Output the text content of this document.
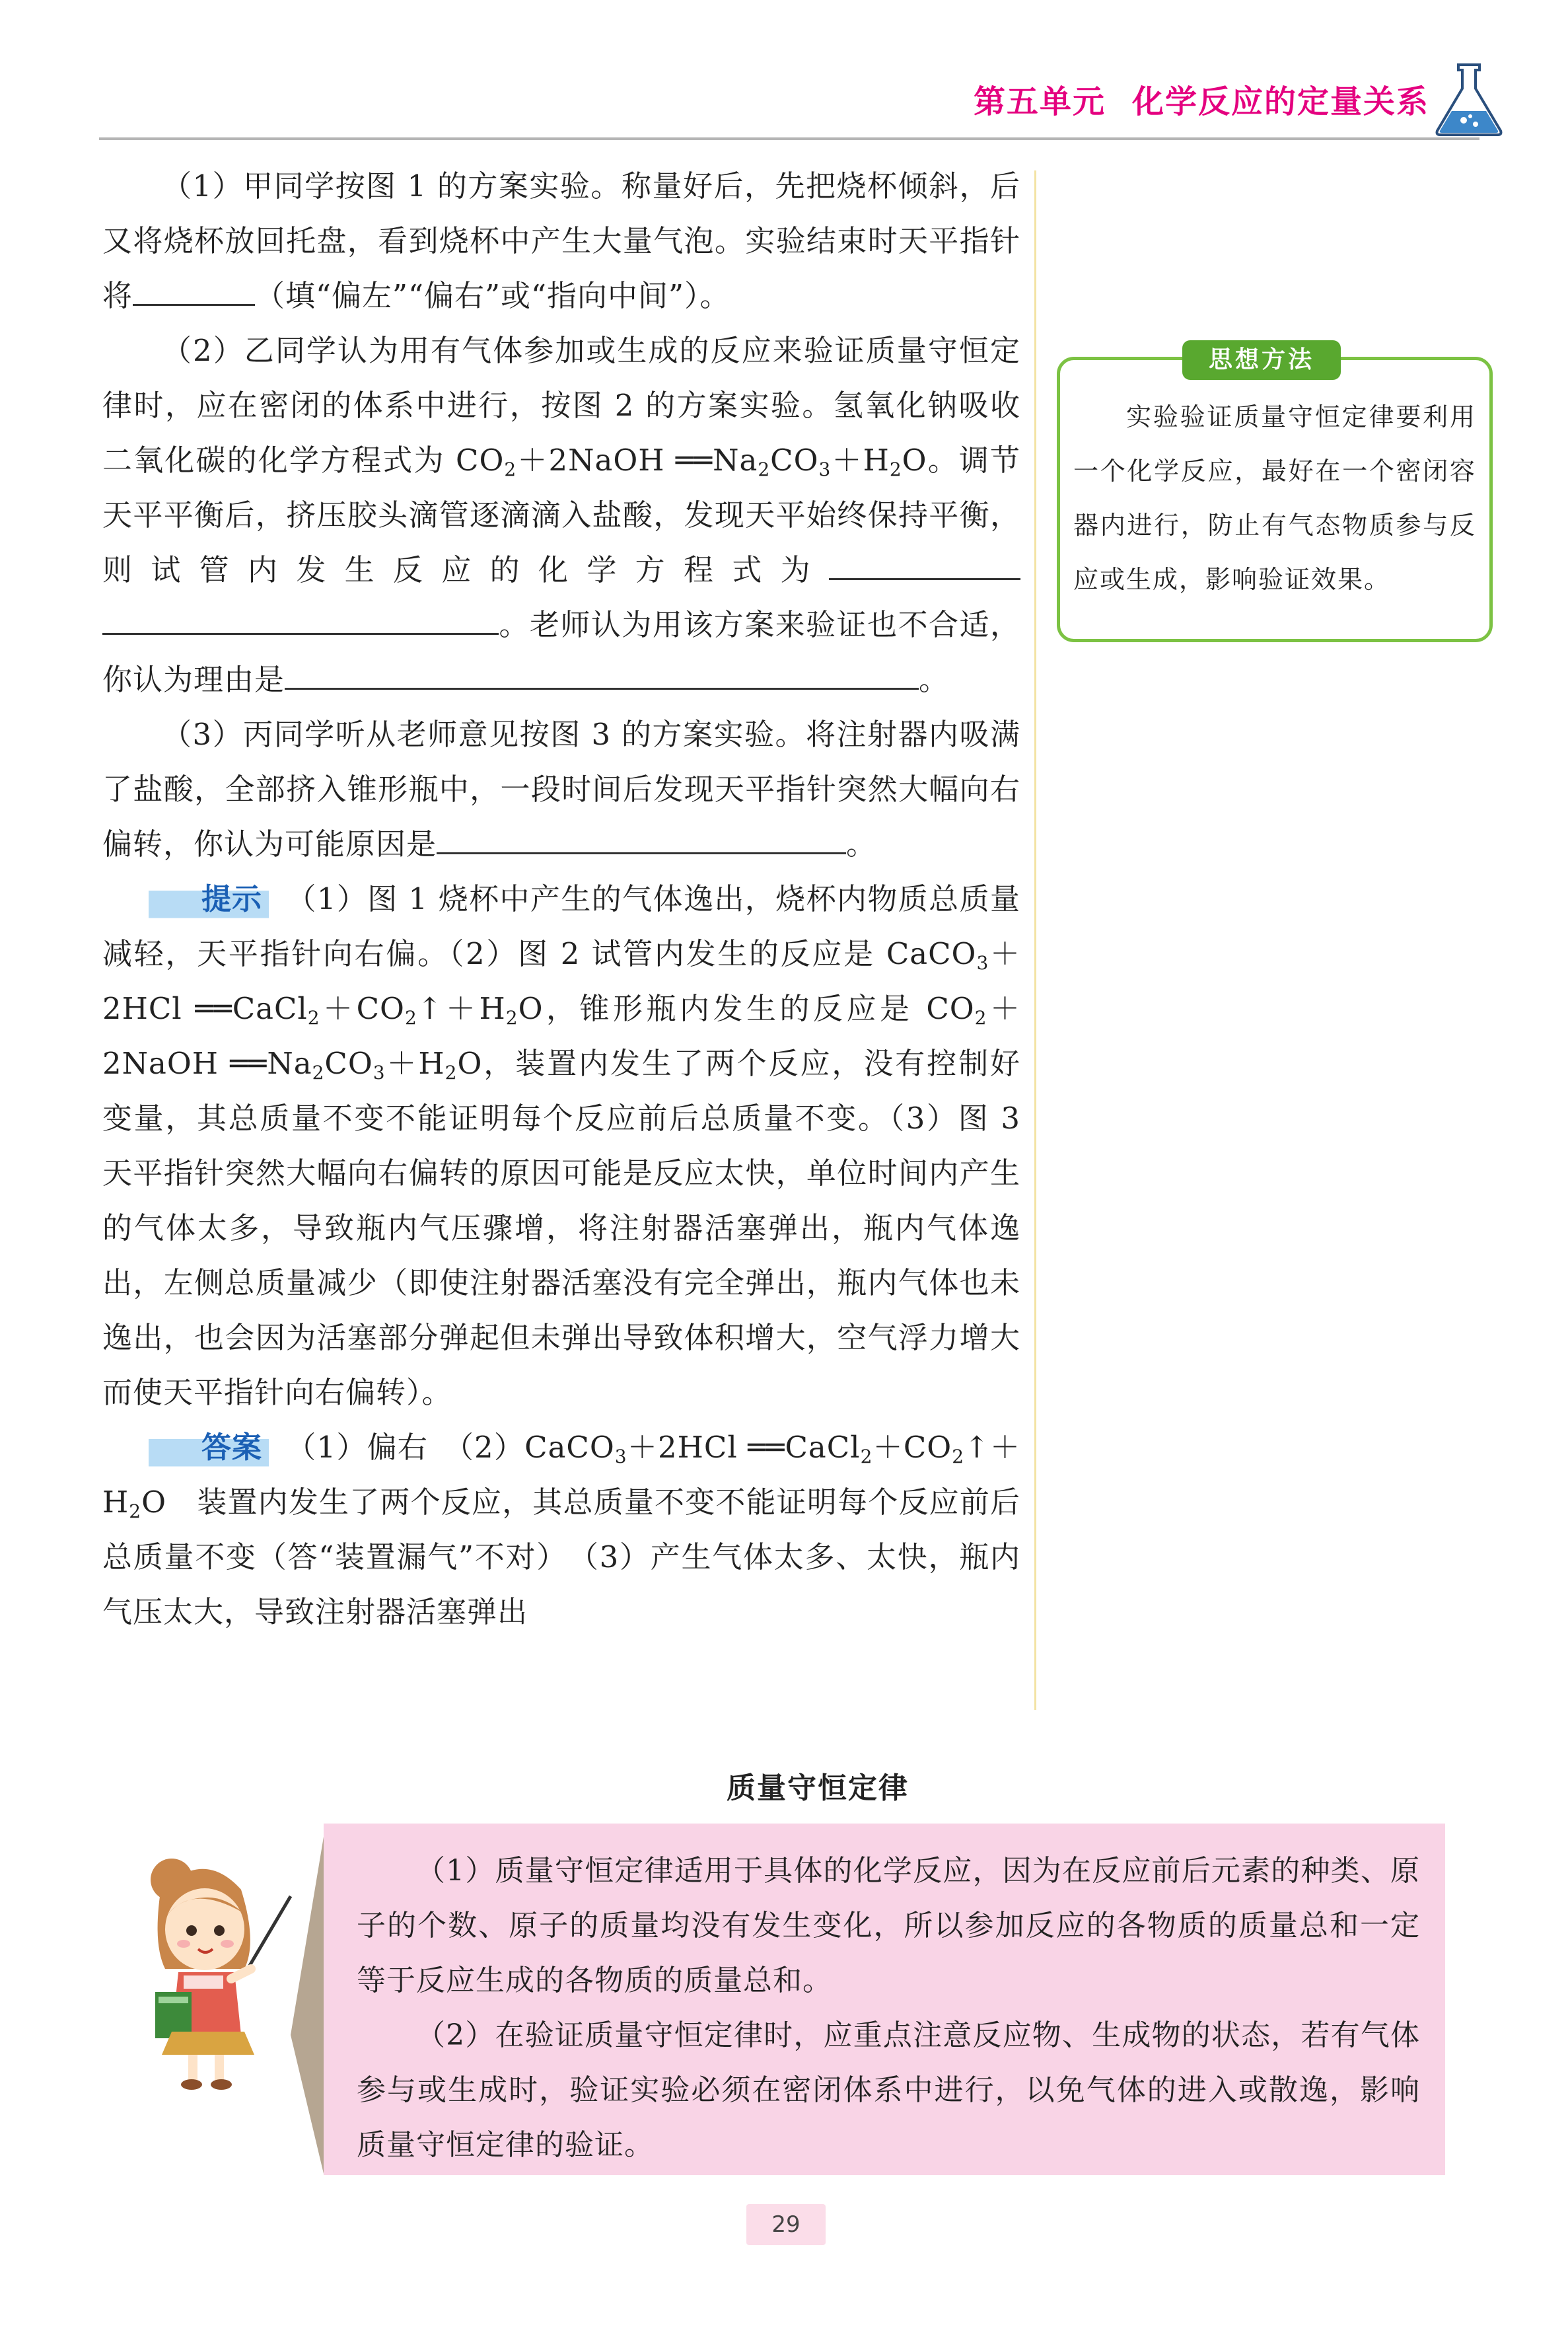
第五单元 化学反应的定量关系

（1）甲同学按图 1 的方案实验。称量好后，先把烧杯倾斜，后又将烧杯放回托盘，看到烧杯中产生大量气泡。实验结束时天平指针将	（填“偏左”“偏右”或“指向中间”）。

（2）乙同学认为用有气体参加或生成的反应来验证质量守恒定律时，应在密闭的体系中进行，按图 2 的方案实验。氢氧化钠吸收二氧化碳的化学方程式为 $CO_2+2NaOH$ $══Na_2CO_3+H_2O$。调节天平平衡后，挤压胶头滴管逐滴滴入盐酸，发现天平始终保持平衡，则试管内发生反应的化学方程式为。老师认为用该方案来验证也不合适，你认为理由是	。

（3）丙同学听从老师意见按图 3 的方案实验。将注射器内吸满了盐酸，全部挤入锥形瓶中，一段时间后发现天平指针突然大幅向右偏转，你认为可能原因是	。

提示 （1）图 1 烧杯中产生的气体逸出，烧杯内物质总质量减轻，天平指针向右偏。（2）图 2 试管内发生的反应是 CaCO$_3$＋2HCl $══CaCl_2+CO_2↑+H_2O$，锥形瓶内发生的反应是 $CO_2+2NaOH$ $══Na_2CO_3+H_2O$，装置内发生了两个反应，没有控制好变量，其总质量不变不能证明每个反应前后总质量不变。（3）图 3 天平指针突然大幅向右偏转的原因可能是反应太快，单位时间内产生的气体太多，导致瓶内气压骤增，将注射器活塞弹出，瓶内气体逸出，左侧总质量减少（即使注射器活塞没有完全弹出，瓶内气体也未逸出，也会因为活塞部分弹起但未弹出导致体积增大，空气浮力增大而使天平指针向右偏转）。

答案 （1）偏右　（2）CaCO$_3$＋2HCl $══CaCl_2+CO_2↑+H_2O$　装置内发生了两个反应，其总质量不变不能证明每个反应前后总质量不变（答“装置漏气”不对）　（3）产生气体太多、太快，瓶内气压太大，导致注射器活塞弹出

思想方法

实验验证质量守恒定律要利用一个化学反应，最好在一个密闭容器内进行，防止有气态物质参与反应或生成，影响验证效果。

质量守恒定律

（1）质量守恒定律适用于具体的化学反应，因为在反应前后元素的种类、原子的个数、原子的质量均没有发生变化，所以参加反应的各物质的质量总和一定等于反应生成的各物质的质量总和。

（2）在验证质量守恒定律时，应重点注意反应物、生成物的状态，若有气体参与或生成时，验证实验必须在密闭体系中进行，以免气体的进入或散逸，影响质量守恒定律的验证。

29
